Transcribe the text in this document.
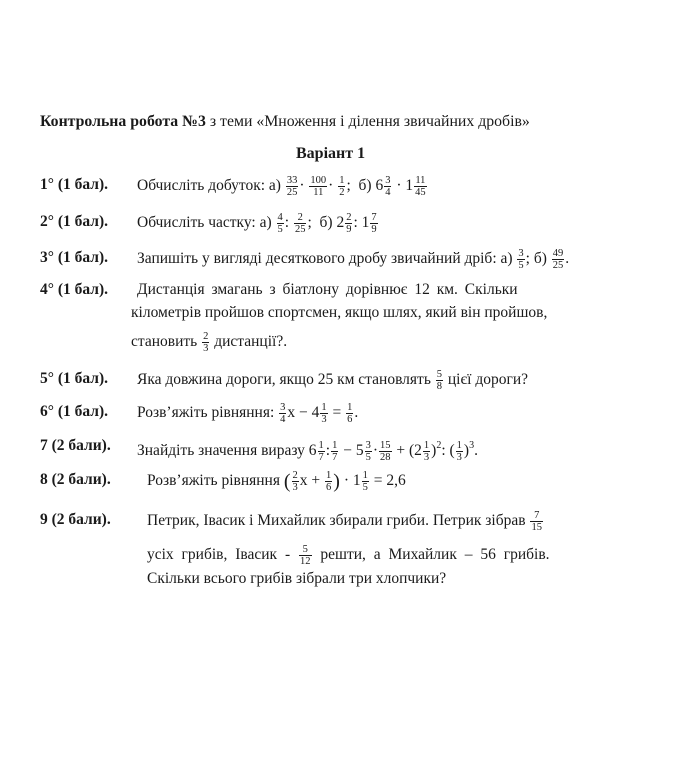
Контрольна робота №3 з теми «Множення і ділення звичайних дробів»
Варіант 1
1° (1 бал). Обчисліть добуток: $а) \frac{33}{25} \cdot \frac{100}{11} \cdot \frac{1}{2}$ ;  б) $6 \frac{3}{4} \cdot 1 \frac{11}{45}$
2° (1 бал). Обчисліть частку: $а) \frac{4}{5}$ : $\frac{2}{25}$ ;  б) $2 \frac{2}{9}$ : $1 \frac{7}{9}$
3° (1 бал). Запишіть у вигляді десяткового дробу звичайний дріб: $а) \frac{3}{5}$ ; $б) \frac{49}{25}$ .
4° (1 бал). Дистанція змагань з біатлону дорівнює 12 км. Скільки
кілометрів пройшов спортсмен, якщо шлях, який він пройшов,
становить $\frac{2}{3}$ дистанції?.
5° (1 бал). Яка довжина дороги, якщо 25 км становлять $\frac{5}{8}$ цієї дороги?
6° (1 бал). Розв’яжіть рівняння: $\frac{3}{4}$ $x - 4 \frac{1}{3} = \frac{1}{6}$ .
7 (2 бали). Знайдіть значення виразу $6 \frac{1}{7}$ : $\frac{1}{7} - 5 \frac{3}{5} \cdot \frac{15}{28} + (2 \frac{1}{3} )^2$: ( $\frac{1}{3} )^3$.
8 (2 бали). Розв’яжіть рівняння ( $\frac{2}{3}$ $x + \frac{1}{6}$ ) · $1 \frac{1}{5} = 2,6$
9 (2 бали). Петрик, Івасик і Михайлик збирали гриби. Петрик зібрав $\frac{7}{15}$
усіх грибів, Івасик - $\frac{5}{12}$ решти, а Михайлик – 56 грибів.
Скільки всього грибів зібрали три хлопчики?
